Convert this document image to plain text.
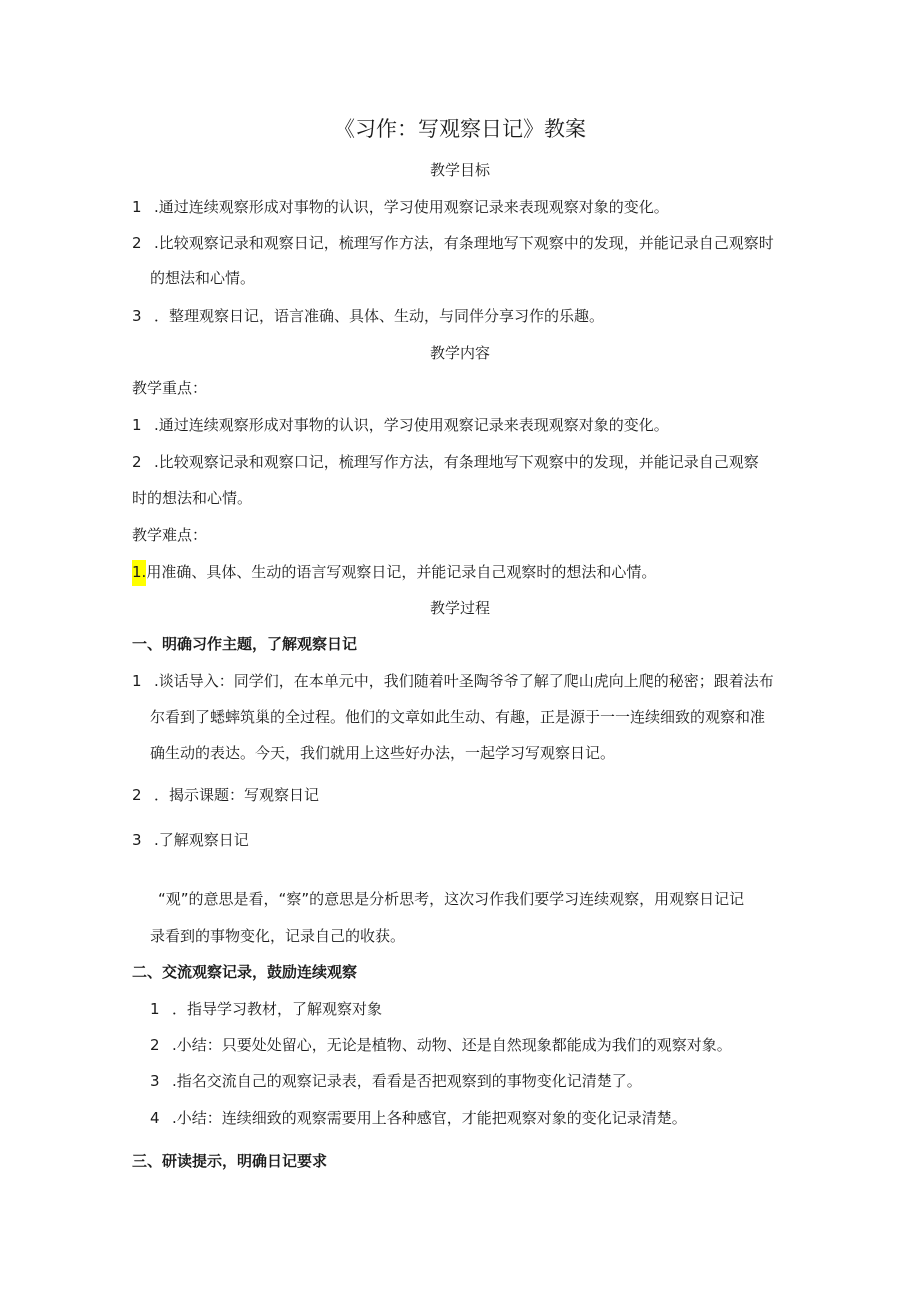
《习作：写观察日记》教案
教学目标
1 .通过连续观察形成对事物的认识，学习使用观察记录来表现观察对象的变化。
2 .比较观察记录和观察日记，梳理写作方法，有条理地写下观察中的发现，并能记录自己观察时
的想法和心情。
3 ．整理观察日记，语言准确、具体、生动，与同伴分享习作的乐趣。
教学内容
教学重点：
1 .通过连续观察形成对事物的认识，学习使用观察记录来表现观察对象的变化。
2 .比较观察记录和观察口记，梳理写作方法，有条理地写下观察中的发现，并能记录自己观察
时的想法和心情。
教学难点：
1.用准确、具体、生动的语言写观察日记，并能记录自己观察时的想法和心情。
教学过程
一、明确习作主题，了解观察日记
1 .谈话导入：同学们，在本单元中，我们随着叶圣陶爷爷了解了爬山虎向上爬的秘密；跟着法布
尔看到了蟋蟀筑巢的全过程。他们的文章如此生动、有趣，正是源于一一连续细致的观察和准
确生动的表达。今天，我们就用上这些好办法，一起学习写观察日记。
2 ．揭示课题：写观察日记
3 .了解观察日记
“观”的意思是看，“察”的意思是分析思考，这次习作我们要学习连续观察，用观察日记记
录看到的事物变化，记录自己的收获。
二、交流观察记录，鼓励连续观察
1 ．指导学习教材，了解观察对象
2 .小结：只要处处留心，无论是植物、动物、还是自然现象都能成为我们的观察对象。
3 .指名交流自己的观察记录表，看看是否把观察到的事物变化记清楚了。
4 .小结：连续细致的观察需要用上各种感官，才能把观察对象的变化记录清楚。
三、研读提示，明确日记要求
